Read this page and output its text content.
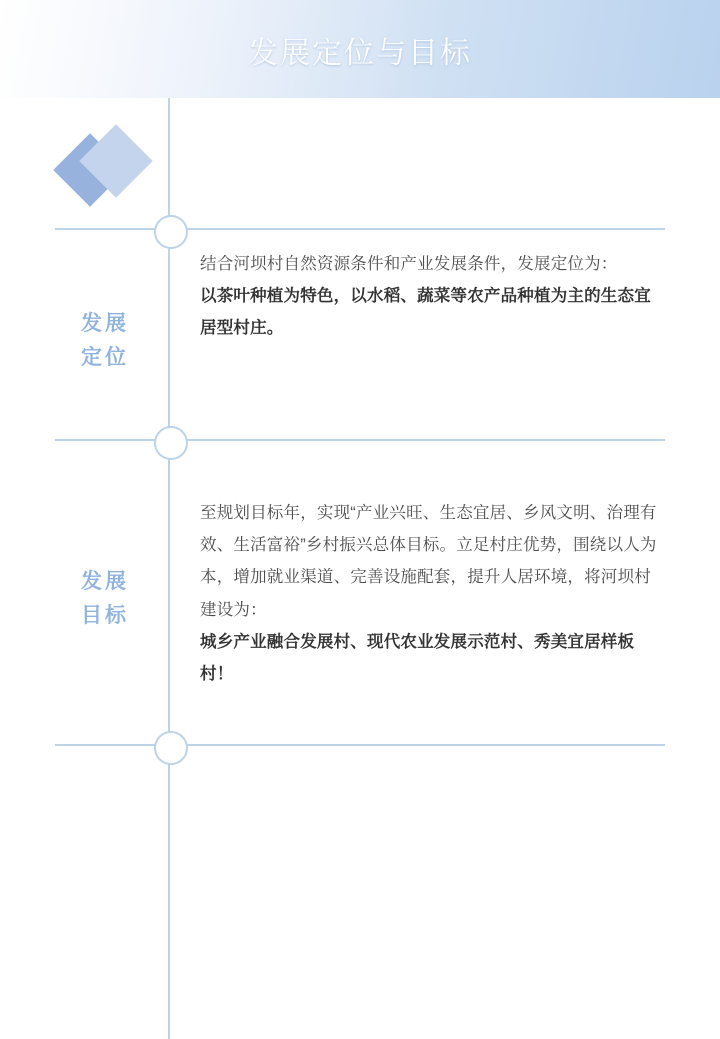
发展定位与目标
发展
定位

结合河坝村自然资源条件和产业发展条件，发展定位为：

以茶叶种植为特色，以水稻、蔬菜等农产品种植为主的生态宜居型村庄。

发展
目标

至规划目标年，实现“产业兴旺、生态宜居、乡风文明、治理有效、生活富裕”乡村振兴总体目标。立足村庄优势，围绕以人为本，增加就业渠道、完善设施配套，提升人居环境，将河坝村建设为：

城乡产业融合发展村、现代农业发展示范村、秀美宜居样板村！
